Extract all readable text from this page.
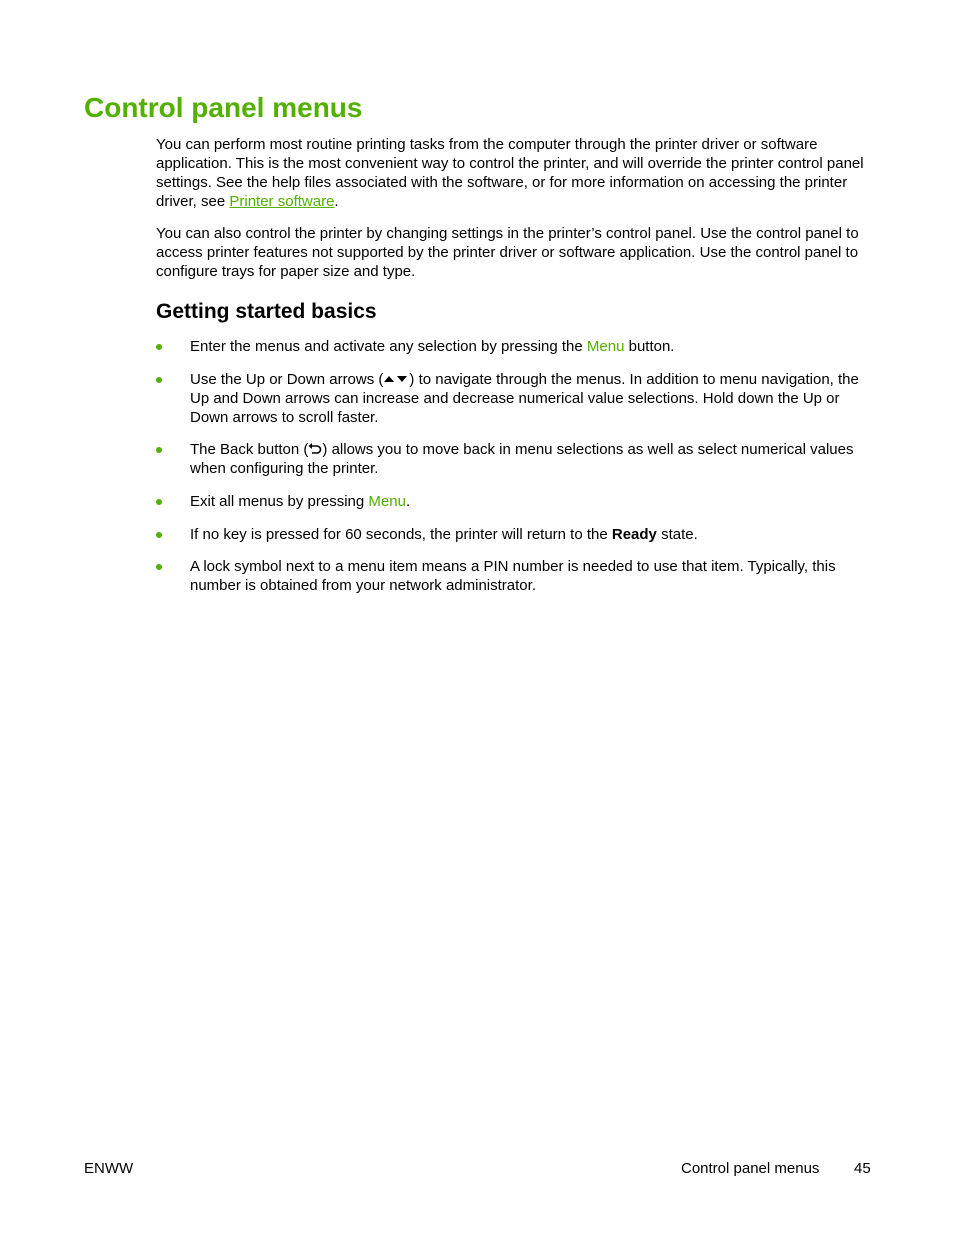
Control panel menus

You can perform most routine printing tasks from the computer through the printer driver or software application. This is the most convenient way to control the printer, and will override the printer control panel settings. See the help files associated with the software, or for more information on accessing the printer driver, see Printer software.

You can also control the printer by changing settings in the printer’s control panel. Use the control panel to access printer features not supported by the printer driver or software application. Use the control panel to configure trays for paper size and type.

Getting started basics
Enter the menus and activate any selection by pressing the Menu button.
Use the Up or Down arrows ( ) to navigate through the menus. In addition to menu navigation, the Up and Down arrows can increase and decrease numerical value selections. Hold down the Up or Down arrows to scroll faster.
The Back button ( ) allows you to move back in menu selections as well as select numerical values when configuring the printer.
Exit all menus by pressing Menu.
If no key is pressed for 60 seconds, the printer will return to the Ready state.
A lock symbol next to a menu item means a PIN number is needed to use that item. Typically, this number is obtained from your network administrator.
ENWW	Control panel menus 45
